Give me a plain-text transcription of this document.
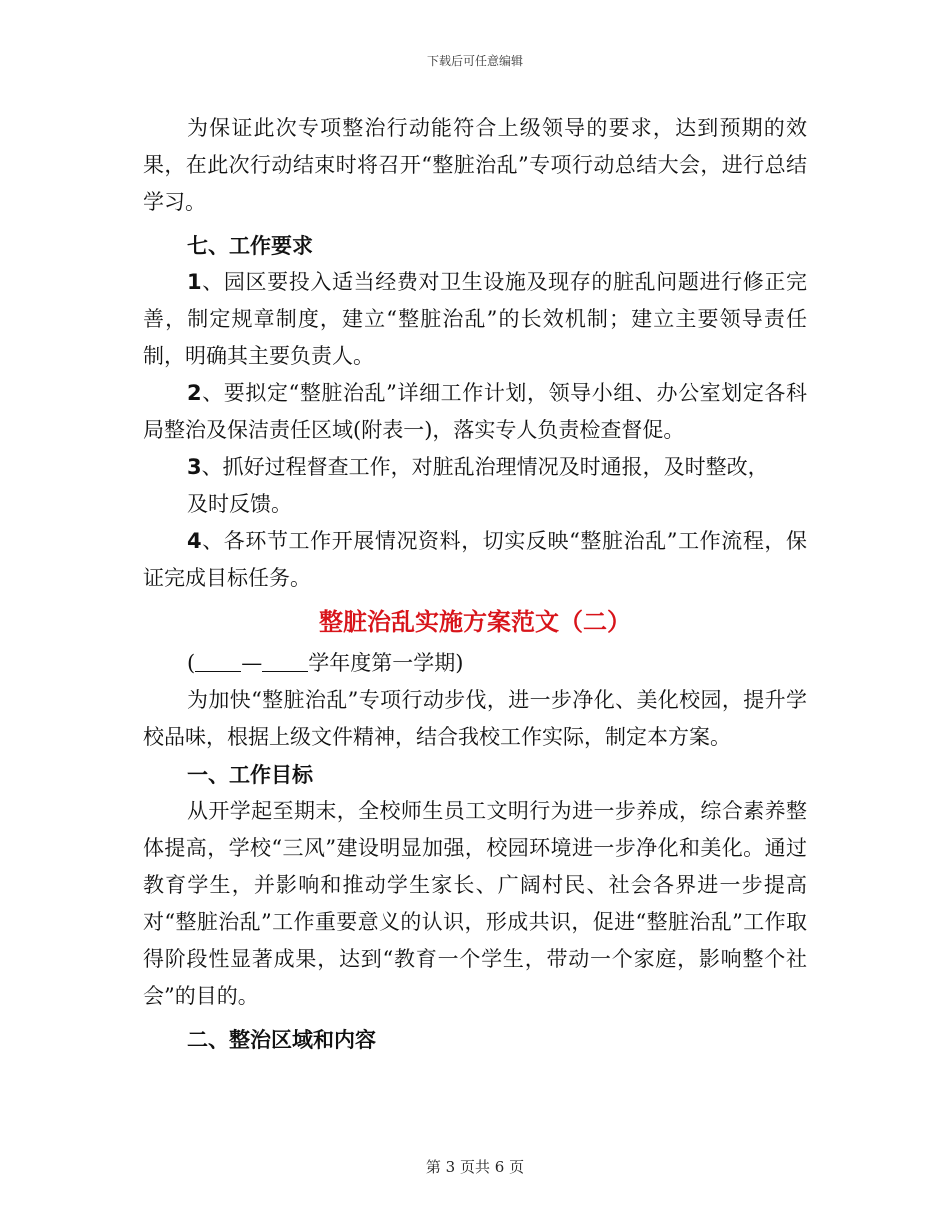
下载后可任意编辑

为保证此次专项整治行动能符合上级领导的要求，达到预期的效果，在此次行动结束时将召开“整脏治乱”专项行动总结大会，进行总结学习。

七、工作要求

1、园区要投入适当经费对卫生设施及现存的脏乱问题进行修正完善，制定规章制度，建立“整脏治乱”的长效机制；建立主要领导责任制，明确其主要负责人。

2、要拟定“整脏治乱”详细工作计划，领导小组、办公室划定各科局整治及保洁责任区域(附表一)，落实专人负责检查督促。

3、抓好过程督查工作，对脏乱治理情况及时通报，及时整改，

及时反馈。

4、各环节工作开展情况资料，切实反映“整脏治乱”工作流程，保证完成目标任务。

整脏治乱实施方案范文（二）

( — 学年度第一学期)

为加快“整脏治乱”专项行动步伐，进一步净化、美化校园，提升学校品味，根据上级文件精神，结合我校工作实际，制定本方案。

一、工作目标

从开学起至期末，全校师生员工文明行为进一步养成，综合素养整体提高，学校“三风”建设明显加强，校园环境进一步净化和美化。通过教育学生，并影响和推动学生家长、广阔村民、社会各界进一步提高对“整脏治乱”工作重要意义的认识，形成共识，促进“整脏治乱”工作取得阶段性显著成果，达到“教育一个学生，带动一个家庭，影响整个社会”的目的。

二、整治区域和内容

第 3 页共 6 页
